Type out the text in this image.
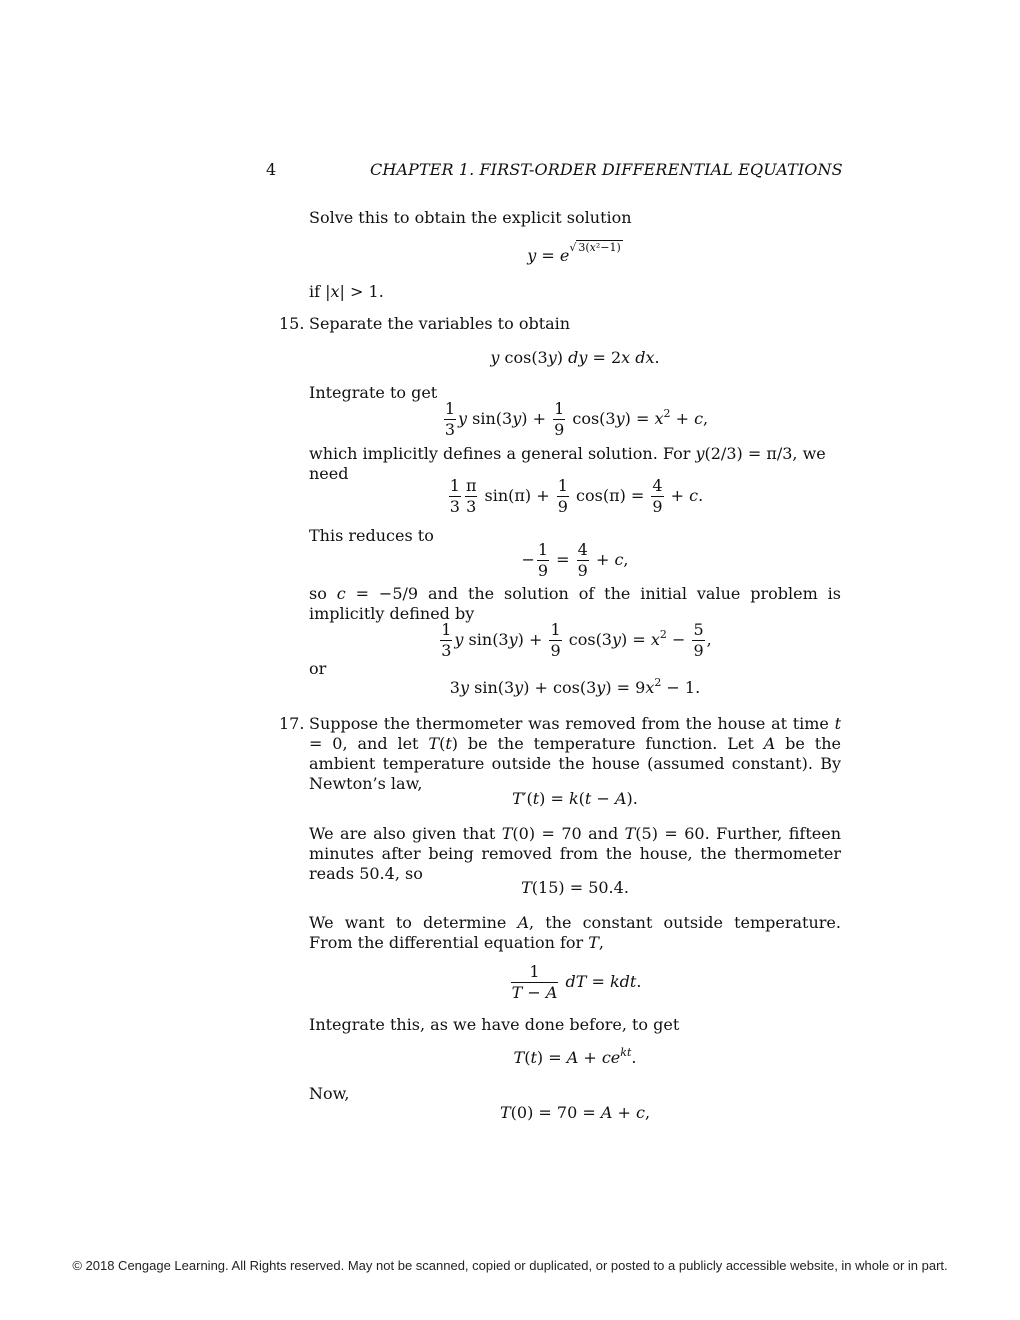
4	CHAPTER 1. FIRST-ORDER DIFFERENTIAL EQUATIONS
Solve this to obtain the explicit solution
y = e√ 3(x²−1)
if |x| > 1.
15. Separate the variables to obtain
y cos(3y) dy = 2x dx.
Integrate to get
$\frac{1}{3}$ y $\sin(3y) + \frac{1}{9} \cos(3y) = x^2 + c$,
which implicitly defines a general solution. For y(2/3) = π/3, we need
$\frac{1}{3} \frac{\pi}{3} \sin(\pi) + \frac{1}{9} \cos(\pi) = \frac{4}{9} + c$.
This reduces to
− $\frac{1}{9} = \frac{4}{9} + c$,
so c = −5/9 and the solution of the initial value problem is implicitly defined by
$\frac{1}{3}$ y $\sin(3y) + \frac{1}{9} \cos(3y) = x^2 - \frac{5}{9}$ ,
or
3y $\sin(3y) + \cos(3y) = 9x^2 - 1$.
17. Suppose the thermometer was removed from the house at time t = 0, and let T(t) be the temperature function. Let A be the ambient temperature outside the house (assumed constant). By Newton’s law,
T′(t) = k(t − A).
We are also given that T(0) = 70 and T(5) = 60. Further, fifteen minutes after being removed from the house, the thermometer reads 50.4, so
T(15) = 50.4.
We want to determine A, the constant outside temperature. From the differential equation for T,
$\frac{1}{T - A}$ dT = kdt.
Integrate this, as we have done before, to get
$T(t) = A + ce^{kt}$.
Now,
T(0) = 70 = A + c,
© 2018 Cengage Learning. All Rights reserved. May not be scanned, copied or duplicated, or posted to a publicly accessible website, in whole or in part.
